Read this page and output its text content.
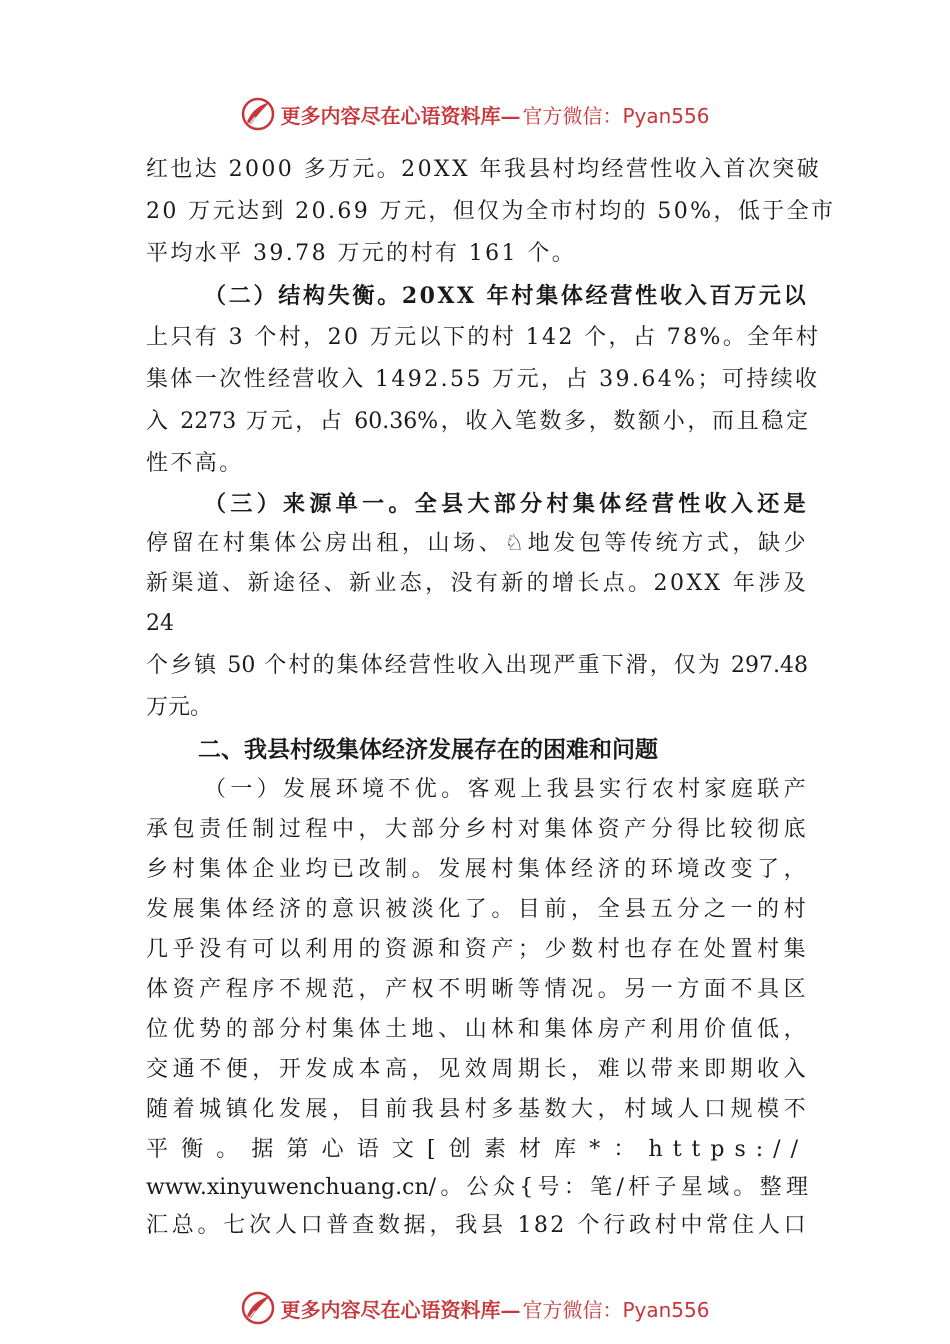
更多内容尽在心语资料库— 官方微信：Pyan556
红也达 2000 多万元。20XX 年我县村均经营性收入首次突破
20 万元达到 20.69 万元，但仅为全市村均的 50%，低于全市
平均水平 39.78 万元的村有 161 个。
（二）结构失衡。20XX 年村集体经营性收入百万元以
上只有 3 个村，20 万元以下的村 142 个，占 78%。全年村
集体一次性经营收入 1492.55 万元，占 39.64%；可持续收
入 2273 万元，占 60.36%，收入笔数多，数额小，而且稳定
性不高。
（三）来源单一。全县大部分村集体经营性收入还是
停留在村集体公房出租，山场、♘地发包等传统方式，缺少
新渠道、新途径、新业态，没有新的增长点。20XX 年涉及
24
个乡镇 50 个村的集体经营性收入出现严重下滑，仅为 297.48
万元。
二、我县村级集体经济发展存在的困难和问题
（一）发展环境不优。客观上我县实行农村家庭联产
承包责任制过程中，大部分乡村对集体资产分得比较彻底
乡村集体企业均已改制。发展村集体经济的环境改变了，
发展集体经济的意识被淡化了。目前，全县五分之一的村
几乎没有可以利用的资源和资产；少数村也存在处置村集
体资产程序不规范，产权不明晰等情况。另一方面不具区
位优势的部分村集体土地、山林和集体房产利用价值低，
交通不便，开发成本高，见效周期长，难以带来即期收入
随着城镇化发展，目前我县村多基数大，村域人口规模不
平衡。据第心语文[创素材库*：https://
www.xinyuwenchuang.cn/。公众{号：笔/杆子星域。整理
汇总。七次人口普查数据，我县 182 个行政村中常住人口
更多内容尽在心语资料库— 官方微信：Pyan556
